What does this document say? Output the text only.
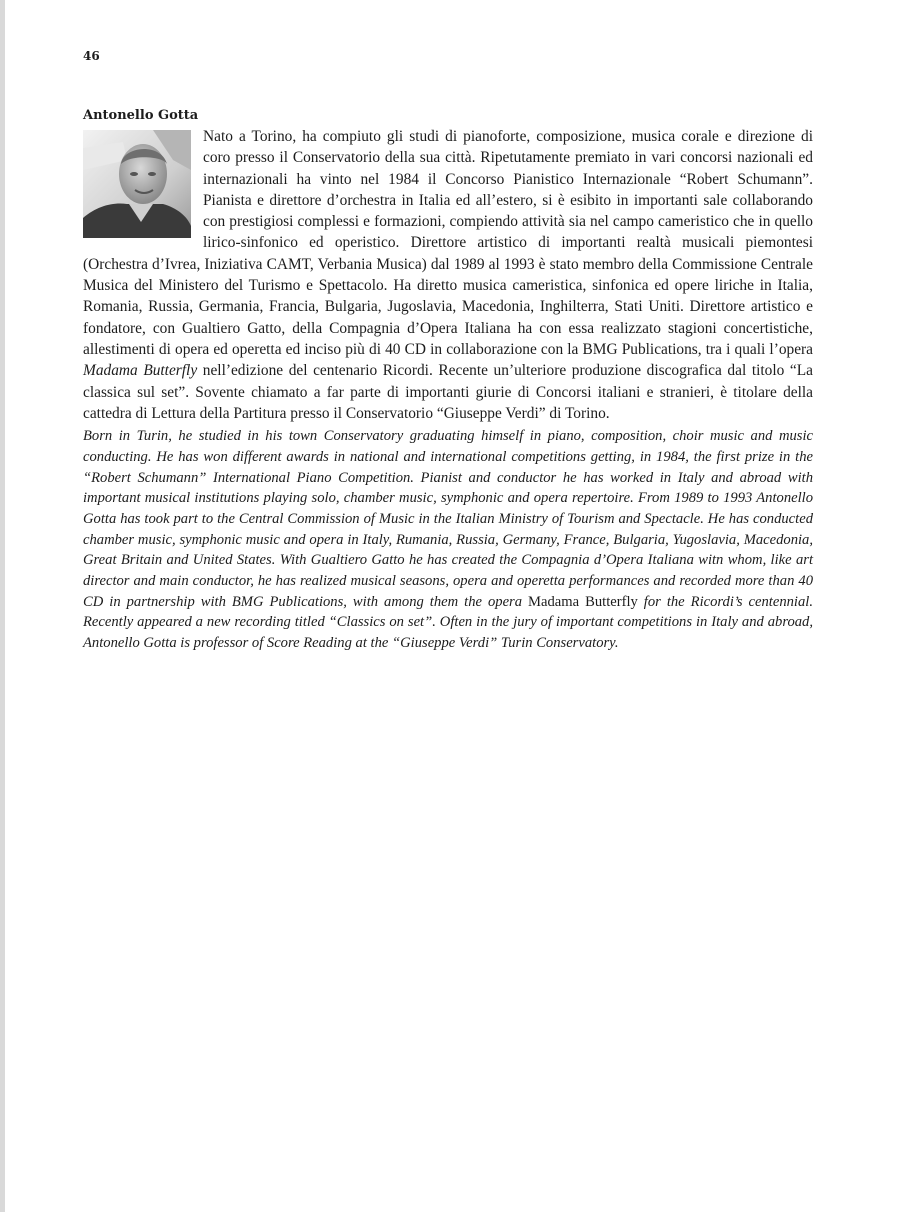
46
Antonello Gotta

Nato a Torino, ha compiuto gli studi di pianoforte, composizione, musica corale e direzione di coro presso il Conservatorio della sua città. Ripetutamente premiato in vari concorsi nazionali ed internazionali ha vinto nel 1984 il Concorso Pianistico Internazionale “Robert Schumann”. Pianista e direttore d’orchestra in Italia ed all’estero, si è esibito in importanti sale collaborando con prestigiosi complessi e formazioni, compiendo attività sia nel campo cameristico che in quello lirico-sinfonico ed operistico. Direttore artistico di importanti realtà musicali piemontesi (Orchestra d’Ivrea, Iniziativa CAMT, Verbania Musica) dal 1989 al 1993 è stato membro della Commissione Centrale Musica del Ministero del Turismo e Spettacolo. Ha diretto musica cameristica, sinfonica ed opere liriche in Italia, Romania, Russia, Germania, Francia, Bulgaria, Jugoslavia, Macedonia, Inghilterra, Stati Uniti. Direttore artistico e fondatore, con Gualtiero Gatto, della Compagnia d’Opera Italiana ha con essa realizzato stagioni concertistiche, allestimenti di opera ed operetta ed inciso più di 40 CD in collaborazione con la BMG Publications, tra i quali l’opera Madama Butterfly nell’edizione del centenario Ricordi. Recente un’ulteriore produzione discografica dal titolo “La classica sul set”. Sovente chiamato a far parte di importanti giurie di Concorsi italiani e stranieri, è titolare della cattedra di Lettura della Partitura presso il Conservatorio “Giuseppe Verdi” di Torino.

Born in Turin, he studied in his town Conservatory graduating himself in piano, composition, choir music and music conducting. He has won different awards in national and international competitions getting, in 1984, the first prize in the “Robert Schumann” International Piano Competition. Pianist and conductor he has worked in Italy and abroad with important musical institutions playing solo, chamber music, symphonic and opera repertoire. From 1989 to 1993 Antonello Gotta has took part to the Central Commission of Music in the Italian Ministry of Tourism and Spectacle. He has conducted chamber music, symphonic music and opera in Italy, Rumania, Russia, Germany, France, Bulgaria, Yugoslavia, Macedonia, Great Britain and United States. With Gualtiero Gatto he has created the Compagnia d’Opera Italiana witn whom, like art director and main conductor, he has realized musical seasons, opera and operetta performances and recorded more than 40 CD in partnership with BMG Publications, with among them the opera Madama Butterfly for the Ricordi’s centennial. Recently appeared a new recording titled “Classics on set”. Often in the jury of important competitions in Italy and abroad, Antonello Gotta is professor of Score Reading at the “Giuseppe Verdi” Turin Conservatory.
